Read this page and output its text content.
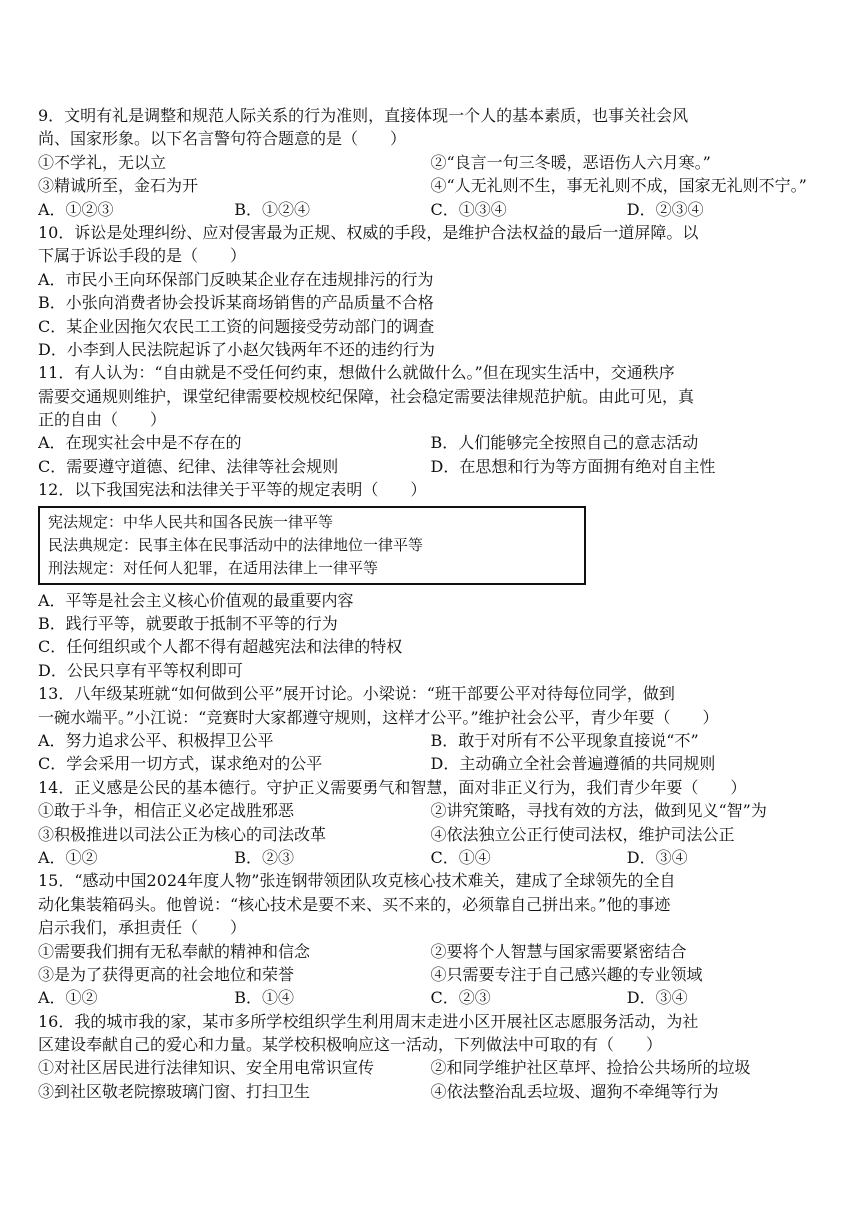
9．文明有礼是调整和规范人际关系的行为准则，直接体现一个人的基本素质，也事关社会风
尚、国家形象。以下名言警句符合题意的是（　　）
①不学礼，无以立	②“良言一句三冬暖，恶语伤人六月寒。”
③精诚所至，金石为开	④“人无礼则不生，事无礼则不成，国家无礼则不宁。”
A．①②③	B．①②④	C．①③④	D．②③④
10．诉讼是处理纠纷、应对侵害最为正规、权威的手段，是维护合法权益的最后一道屏障。以
下属于诉讼手段的是（　　）
A．市民小王向环保部门反映某企业存在违规排污的行为
B．小张向消费者协会投诉某商场销售的产品质量不合格
C．某企业因拖欠农民工工资的问题接受劳动部门的调查
D．小李到人民法院起诉了小赵欠钱两年不还的违约行为
11．有人认为：“自由就是不受任何约束，想做什么就做什么。”但在现实生活中，交通秩序
需要交通规则维护，课堂纪律需要校规校纪保障，社会稳定需要法律规范护航。由此可见，真
正的自由（　　）
A．在现实社会中是不存在的	B．人们能够完全按照自己的意志活动
C．需要遵守道德、纪律、法律等社会规则	D．在思想和行为等方面拥有绝对自主性
12．以下我国宪法和法律关于平等的规定表明（　　）
宪法规定：中华人民共和国各民族一律平等
民法典规定：民事主体在民事活动中的法律地位一律平等
刑法规定：对任何人犯罪，在适用法律上一律平等
A．平等是社会主义核心价值观的最重要内容
B．践行平等，就要敢于抵制不平等的行为
C．任何组织或个人都不得有超越宪法和法律的特权
D．公民只享有平等权利即可
13．八年级某班就“如何做到公平”展开讨论。小梁说：“班干部要公平对待每位同学，做到
一碗水端平。”小江说：“竞赛时大家都遵守规则，这样才公平。”维护社会公平，青少年要（　　）
A．努力追求公平、积极捍卫公平	B．敢于对所有不公平现象直接说“不”
C．学会采用一切方式，谋求绝对的公平	D．主动确立全社会普遍遵循的共同规则
14．正义感是公民的基本德行。守护正义需要勇气和智慧，面对非正义行为，我们青少年要（　　）
①敢于斗争，相信正义必定战胜邪恶	②讲究策略，寻找有效的方法，做到见义“智”为
③积极推进以司法公正为核心的司法改革	④依法独立公正行使司法权，维护司法公正
A．①②	B．②③	C．①④	D．③④
15．“感动中国2024年度人物”张连钢带领团队攻克核心技术难关，建成了全球领先的全自
动化集装箱码头。他曾说：“核心技术是要不来、买不来的，必须靠自己拼出来。”他的事迹
启示我们，承担责任（　　）
①需要我们拥有无私奉献的精神和信念	②要将个人智慧与国家需要紧密结合
③是为了获得更高的社会地位和荣誉	④只需要专注于自己感兴趣的专业领域
A．①②	B．①④	C．②③	D．③④
16．我的城市我的家，某市多所学校组织学生利用周末走进小区开展社区志愿服务活动，为社
区建设奉献自己的爱心和力量。某学校积极响应这一活动，下列做法中可取的有（　　）
①对社区居民进行法律知识、安全用电常识宣传	②和同学维护社区草坪、捡拾公共场所的垃圾
③到社区敬老院擦玻璃门窗、打扫卫生	④依法整治乱丢垃圾、遛狗不牵绳等行为
